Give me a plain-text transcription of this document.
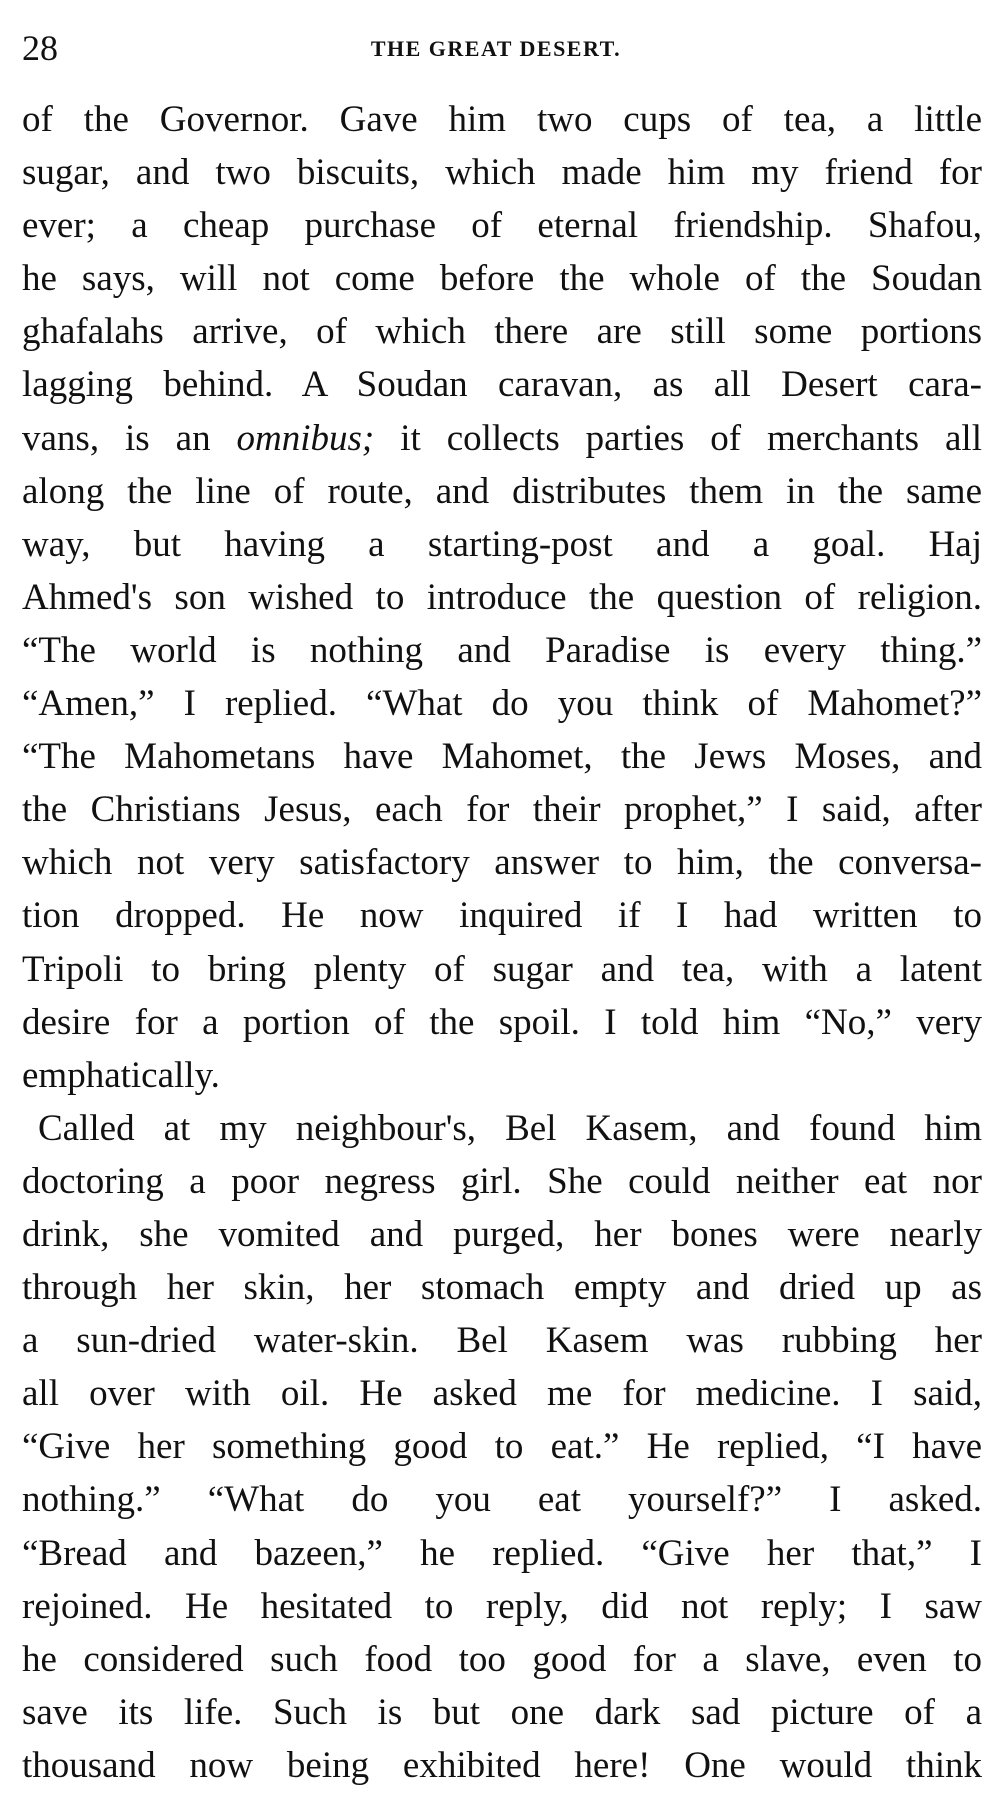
28	THE GREAT DESERT.
of the Governor. Gave him two cups of tea, a little
sugar, and two biscuits, which made him my friend for
ever; a cheap purchase of eternal friendship. Shafou,
he says, will not come before the whole of the Soudan
ghafalahs arrive, of which there are still some portions
lagging behind. A Soudan caravan, as all Desert cara-
vans, is an omnibus; it collects parties of merchants all
along the line of route, and distributes them in the same
way, but having a starting-post and a goal. Haj
Ahmed's son wished to introduce the question of religion.
“The world is nothing and Paradise is every thing.”
“Amen,” I replied. “What do you think of Mahomet?”
“The Mahometans have Mahomet, the Jews Moses, and
the Christians Jesus, each for their prophet,” I said, after
which not very satisfactory answer to him, the conversa-
tion dropped. He now inquired if I had written to
Tripoli to bring plenty of sugar and tea, with a latent
desire for a portion of the spoil. I told him “No,” very
emphatically.
Called at my neighbour's, Bel Kasem, and found him
doctoring a poor negress girl. She could neither eat nor
drink, she vomited and purged, her bones were nearly
through her skin, her stomach empty and dried up as
a sun-dried water-skin. Bel Kasem was rubbing her
all over with oil. He asked me for medicine. I said,
“Give her something good to eat.” He replied, “I have
nothing.” “What do you eat yourself?” I asked.
“Bread and bazeen,” he replied. “Give her that,” I
rejoined. He hesitated to reply, did not reply; I saw
he considered such food too good for a slave, even to
save its life. Such is but one dark sad picture of a
thousand now being exhibited here! One would think
